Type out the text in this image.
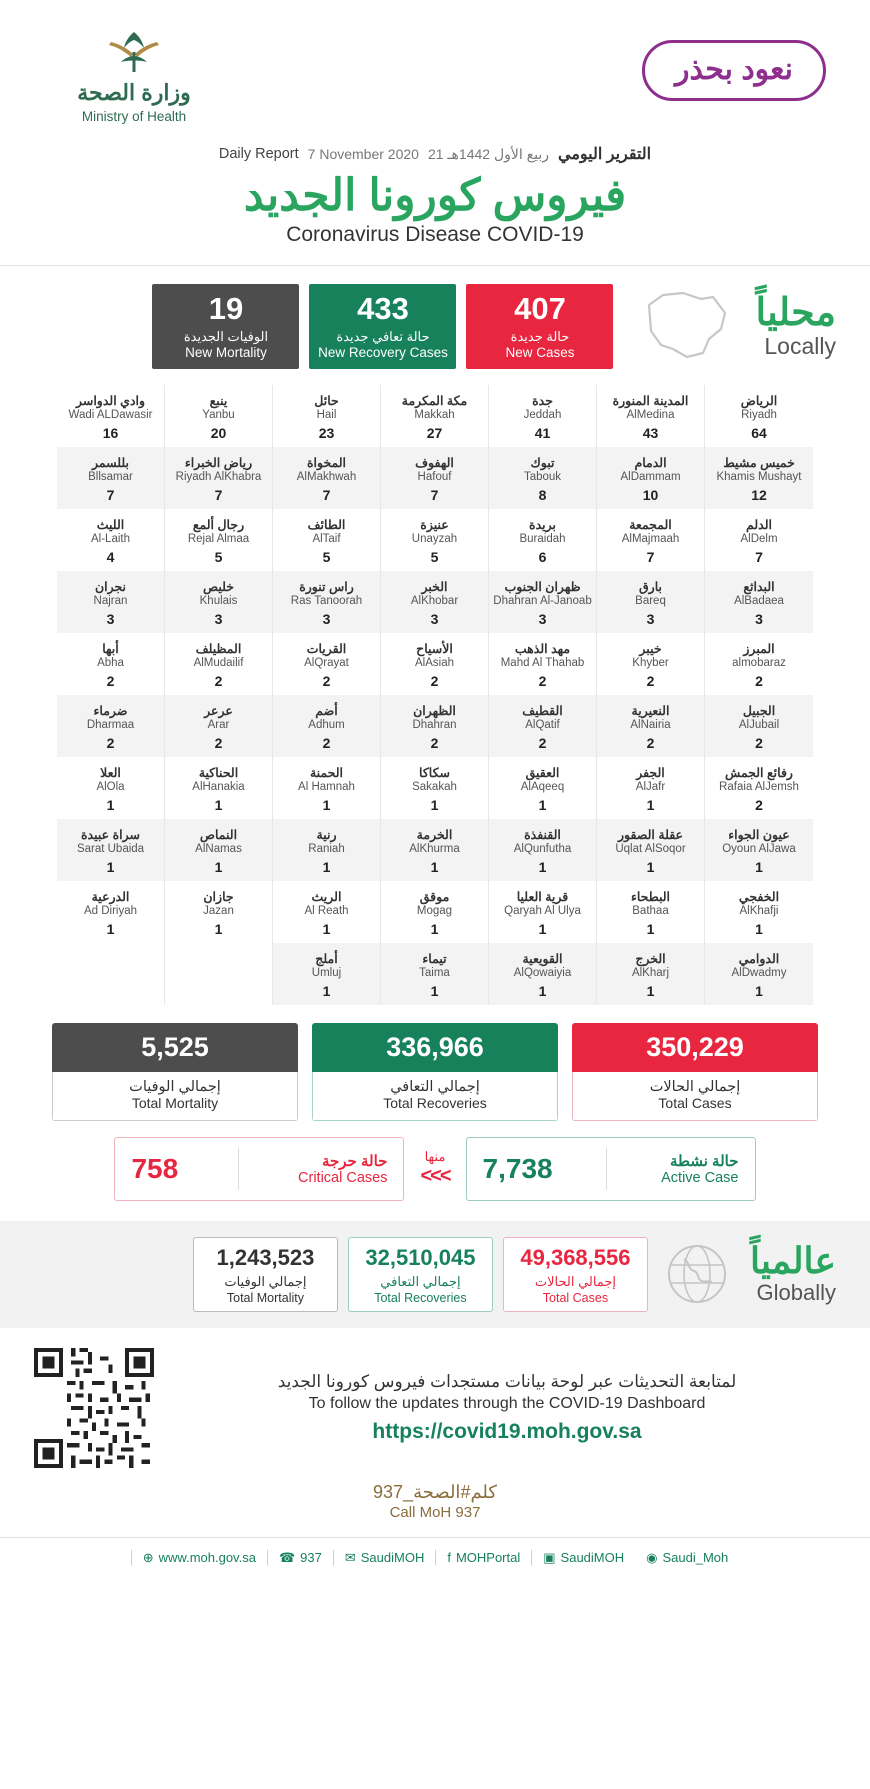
وزارة الصحة
Ministry of Health
نعود بحذر
Daily Report 7 November 2020 21 ربيع الأول 1442هـ التقرير اليومي
فيروس كورونا الجديد
Coronavirus Disease COVID-19
19
الوفيات الجديدة
New Mortality
433
حالة تعافي جديدة
New Recovery Cases
407
حالة جديدة
New Cases
محلياً
Locally
الرياض
Riyadh
64
خميس مشيط
Khamis Mushayt
12
الدلم
AlDelm
7
البداثع
AlBadaea
3
المبرز
almobaraz
2
الجبيل
AlJubail
2
رفائع الجمش
Rafaia AlJemsh
2
عيون الجواء
Oyoun AlJawa
1
الخفجي
AlKhafji
1
الدوامي
AlDwadmy
1
المدينة المنورة
AlMedina
43
الدمام
AlDammam
10
المجمعة
AlMajmaah
7
بارق
Bareq
3
خيبر
Khyber
2
النعيرية
AlNairia
2
الجفر
AlJafr
1
عقلة الصقور
Uqlat AlSoqor
1
البطحاء
Bathaa
1
الخرج
AlKharj
1
جدة
Jeddah
41
تبوك
Tabouk
8
بريدة
Buraidah
6
ظهران الجنوب
Dhahran Al-Janoab
3
مهد الذهب
Mahd Al Thahab
2
القطيف
AlQatif
2
العقيق
AlAqeeq
1
القنفذة
AlQunfutha
1
قرية العليا
Qaryah Al Ulya
1
القويعية
AlQowaiyia
1
مكة المكرمة
Makkah
27
الهفوف
Hafouf
7
عنيزة
Unayzah
5
الخبر
AlKhobar
3
الأسياح
AlAsiah
2
الظهران
Dhahran
2
سكاكا
Sakakah
1
الخرمة
AlKhurma
1
موقق
Mogag
1
تيماء
Taima
1
حائل
Hail
23
المخواة
AlMakhwah
7
الطائف
AlTaif
5
راس تنورة
Ras Tanoorah
3
القريات
AlQrayat
2
أضم
Adhum
2
الحمنة
Al Hamnah
1
رنية
Raniah
1
الريث
Al Reath
1
أملج
Umluj
1
ينبع
Yanbu
20
رياض الخبراء
Riyadh AlKhabra
7
رجال ألمع
Rejal Almaa
5
خليص
Khulais
3
المظيلف
AlMudailif
2
عرعر
Arar
2
الحناكية
AlHanakia
1
النماص
AlNamas
1
جازان
Jazan
1
وادي الدواسر
Wadi ALDawasir
16
بللسمر
Bllsamar
7
الليث
Al-Laith
4
نجران
Najran
3
أبها
Abha
2
ضرماء
Dharmaa
2
العلا
AlOla
1
سراة عبيدة
Sarat Ubaida
1
الدرعية
Ad Diriyah
1
350,229
إجمالي الحالات
Total Cases
336,966
إجمالي التعافي
Total Recoveries
5,525
إجمالي الوفيات
Total Mortality
حالة نشطة
Active Case
7,738
منها
<<<
حالة حرجة
Critical Cases
758
عالمياً
Globally
49,368,556
إجمالي الحالات
Total Cases
32,510,045
إجمالي التعافي
Total Recoveries
1,243,523
إجمالي الوفيات
Total Mortality
لمتابعة التحديثات عبر لوحة بيانات مستجدات فيروس كورونا الجديد
To follow the updates through the COVID-19 Dashboard
https://covid19.moh.gov.sa
كلم#الصحة_937
Call MoH 937
⊕ www.moh.gov.sa ☎ 937 ✉ SaudiMOH f MOHPortal ▣ SaudiMOH ◉ Saudi_Moh
